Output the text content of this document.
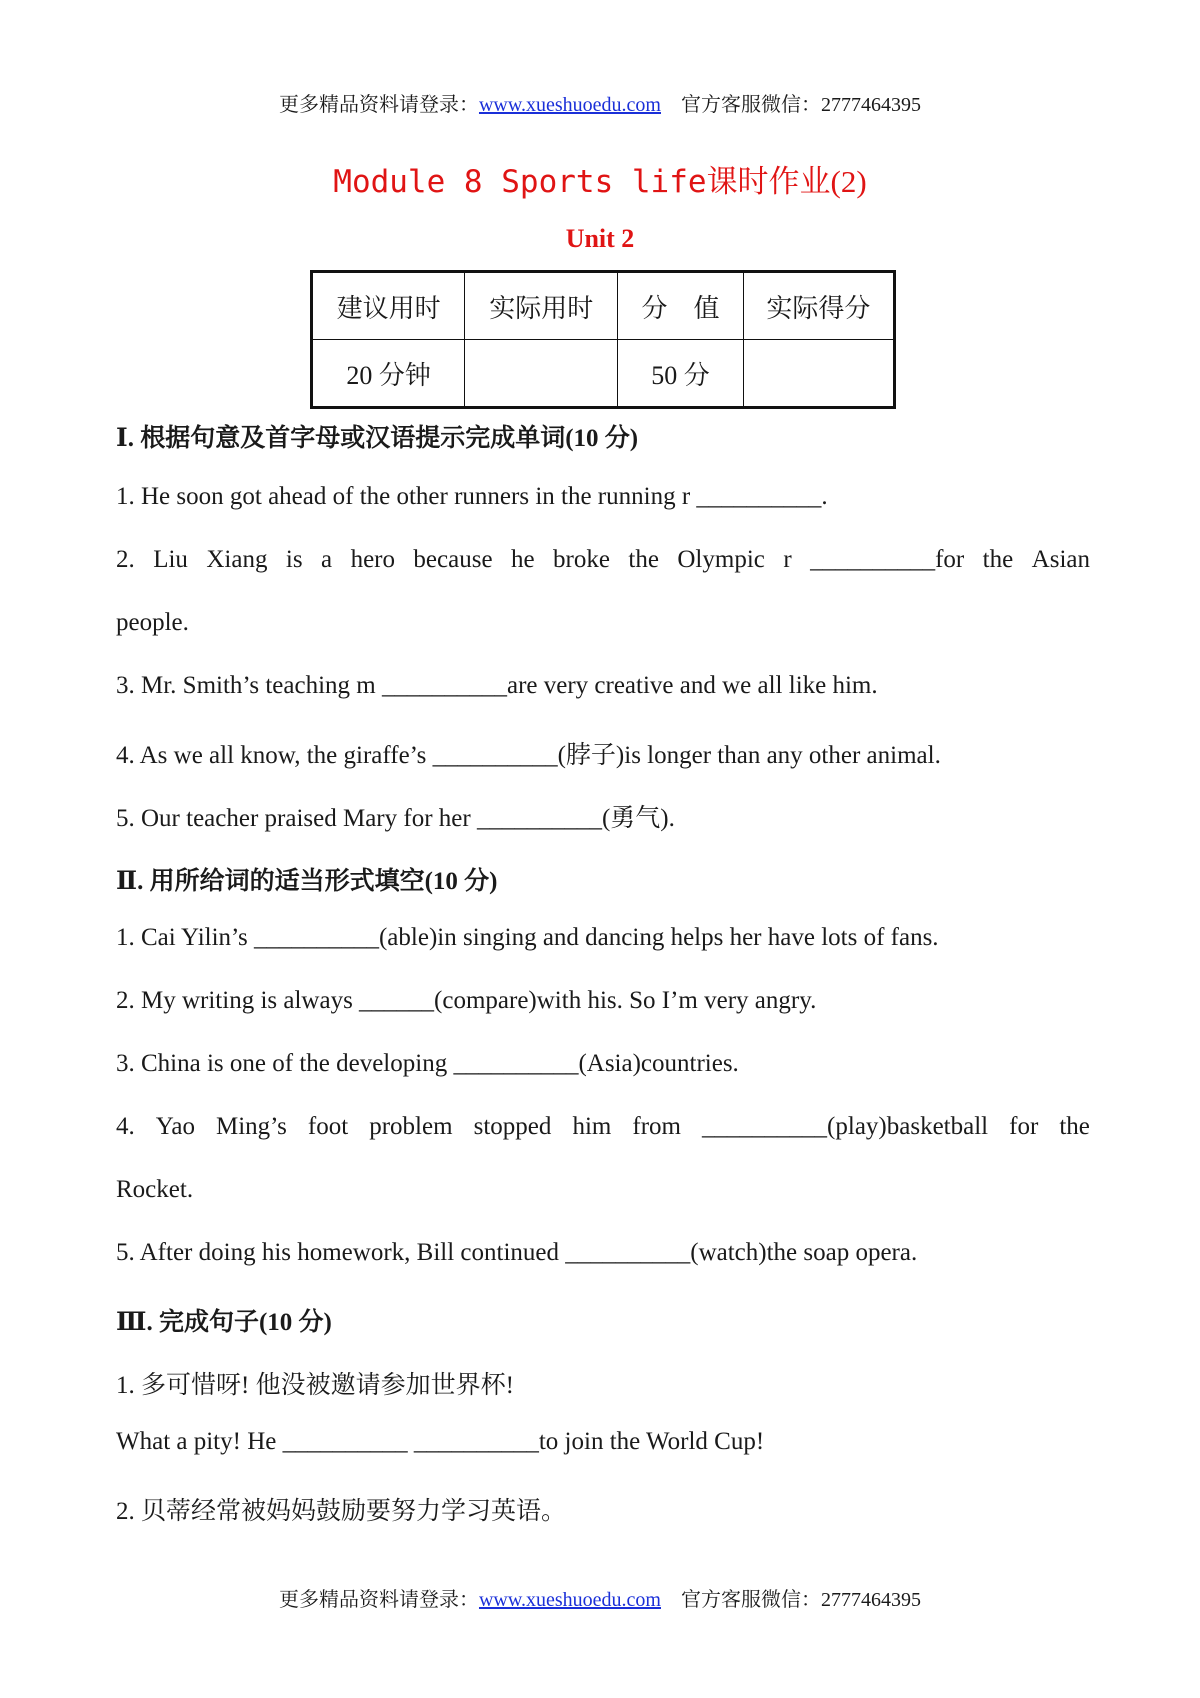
更多精品资料请登录：www.xueshuoedu.com 官方客服微信：2777464395
Module 8 Sports life课时作业(2)
Unit 2
建议用时	实际用时	分　值	实际得分
20 分钟		50 分	
Ⅰ. 根据句意及首字母或汉语提示完成单词(10 分)
1. He soon got ahead of the other runners in the running r __________.
2. Liu Xiang is a hero because he broke the Olympic r __________for the Asian
people.
3. Mr. Smith’s teaching m __________are very creative and we all like him.
4. As we all know, the giraffe’s __________(脖子)is longer than any other animal.
5. Our teacher praised Mary for her __________(勇气).
Ⅱ. 用所给词的适当形式填空(10 分)
1. Cai Yilin’s __________(able)in singing and dancing helps her have lots of fans.
2. My writing is always ______(compare)with his. So I’m very angry.
3. China is one of the developing __________(Asia)countries.
4. Yao Ming’s foot problem stopped him from __________(play)basketball for the
Rocket.
5. After doing his homework, Bill continued __________(watch)the soap opera.
Ⅲ. 完成句子(10 分)
1. 多可惜呀! 他没被邀请参加世界杯!
What a pity! He __________ __________to join the World Cup!
2. 贝蒂经常被妈妈鼓励要努力学习英语。
更多精品资料请登录：www.xueshuoedu.com 官方客服微信：2777464395
